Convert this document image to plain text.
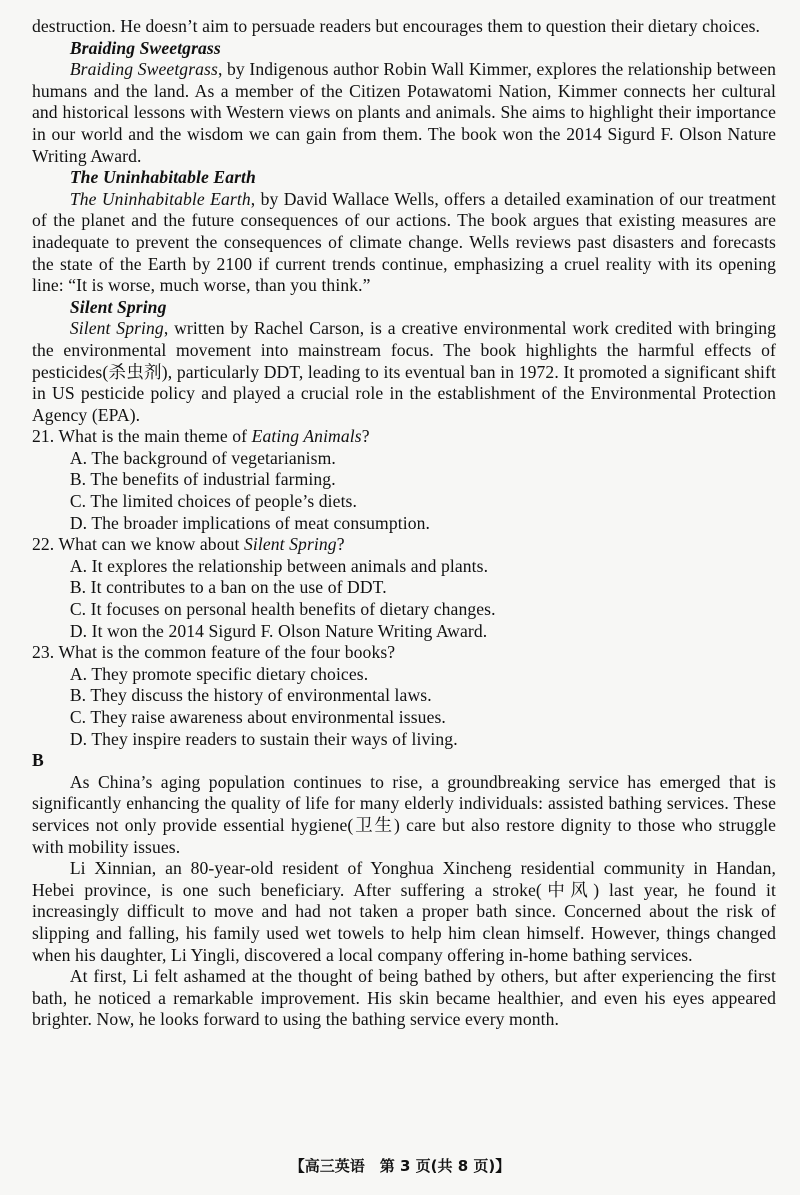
destruction. He doesn’t aim to persuade readers but encourages them to question their dietary choices.

Braiding Sweetgrass

Braiding Sweetgrass, by Indigenous author Robin Wall Kimmer, explores the relationship between humans and the land. As a member of the Citizen Potawatomi Nation, Kimmer connects her cultural and historical lessons with Western views on plants and animals. She aims to highlight their importance in our world and the wisdom we can gain from them. The book won the 2014 Sigurd F. Olson Nature Writing Award.

The Uninhabitable Earth

The Uninhabitable Earth, by David Wallace Wells, offers a detailed examination of our treatment of the planet and the future consequences of our actions. The book argues that existing measures are inadequate to prevent the consequences of climate change. Wells reviews past disasters and forecasts the state of the Earth by 2100 if current trends continue, emphasizing a cruel reality with its opening line: “It is worse, much worse, than you think.”

Silent Spring

Silent Spring, written by Rachel Carson, is a creative environmental work credited with bringing the environmental movement into mainstream focus. The book highlights the harmful effects of pesticides(杀虫剂), particularly DDT, leading to its eventual ban in 1972. It promoted a significant shift in US pesticide policy and played a crucial role in the establishment of the Environmental Protection Agency (EPA).

21. What is the main theme of Eating Animals?

A. The background of vegetarianism.

B. The benefits of industrial farming.

C. The limited choices of people’s diets.

D. The broader implications of meat consumption.

22. What can we know about Silent Spring?

A. It explores the relationship between animals and plants.

B. It contributes to a ban on the use of DDT.

C. It focuses on personal health benefits of dietary changes.

D. It won the 2014 Sigurd F. Olson Nature Writing Award.

23. What is the common feature of the four books?

A. They promote specific dietary choices.

B. They discuss the history of environmental laws.

C. They raise awareness about environmental issues.

D. They inspire readers to sustain their ways of living.

B

As China’s aging population continues to rise, a groundbreaking service has emerged that is significantly enhancing the quality of life for many elderly individuals: assisted bathing services. These services not only provide essential hygiene(卫生) care but also restore dignity to those who struggle with mobility issues.

Li Xinnian, an 80-year-old resident of Yonghua Xincheng residential community in Handan, Hebei province, is one such beneficiary. After suffering a stroke(中风) last year, he found it increasingly difficult to move and had not taken a proper bath since. Concerned about the risk of slipping and falling, his family used wet towels to help him clean himself. However, things changed when his daughter, Li Yingli, discovered a local company offering in-home bathing services.

At first, Li felt ashamed at the thought of being bathed by others, but after experiencing the first bath, he noticed a remarkable improvement. His skin became healthier, and even his eyes appeared brighter. Now, he looks forward to using the bathing service every month.

【高三英语　第 3 页(共 8 页)】
